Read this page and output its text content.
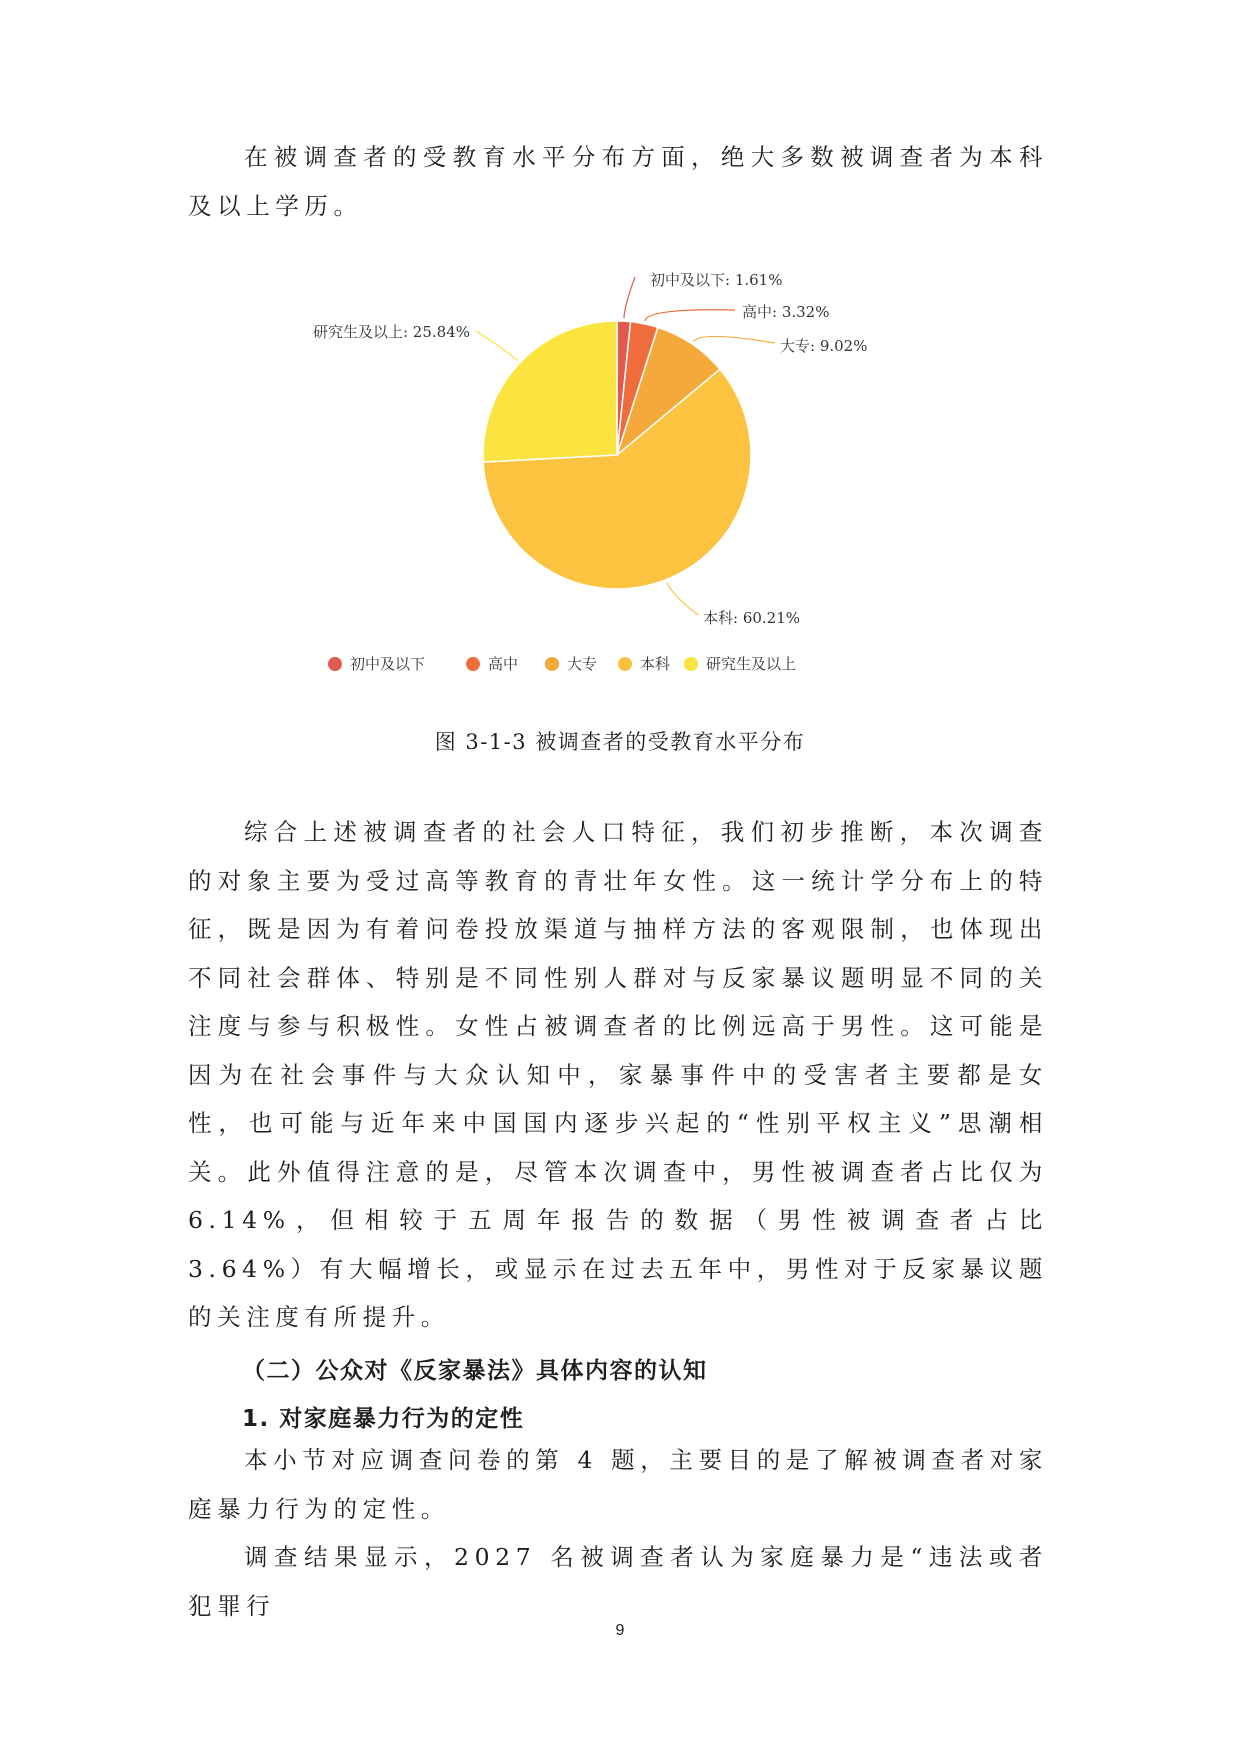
在被调查者的受教育水平分布方面，绝大多数被调查者为本科及以上学历。

初中及以下: 1.61%
高中: 3.32%
大专: 9.02%
本科: 60.21%
研究生及以上: 25.84%
初中及以下	高中	大专	本科 研究生及以上
图 3-1-3 被调查者的受教育水平分布

综合上述被调查者的社会人口特征，我们初步推断，本次调查的对象主要为受过高等教育的青壮年女性。这一统计学分布上的特征，既是因为有着问卷投放渠道与抽样方法的客观限制，也体现出不同社会群体、特别是不同性别人群对与反家暴议题明显不同的关注度与参与积极性。女性占被调查者的比例远高于男性。这可能是因为在社会事件与大众认知中，家暴事件中的受害者主要都是女性，也可能与近年来中国国内逐步兴起的“性别平权主义”思潮相关。此外值得注意的是，尽管本次调查中，男性被调查者占比仅为6.14%，但相较于五周年报告的数据（男性被调查者占比3.64%）有大幅增长，或显示在过去五年中，男性对于反家暴议题的关注度有所提升。

（二）公众对《反家暴法》具体内容的认知
1. 对家庭暴力行为的定性

本小节对应调查问卷的第 4 题，主要目的是了解被调查者对家庭暴力行为的定性。

调查结果显示，2027 名被调查者认为家庭暴力是“违法或者犯罪行

9
